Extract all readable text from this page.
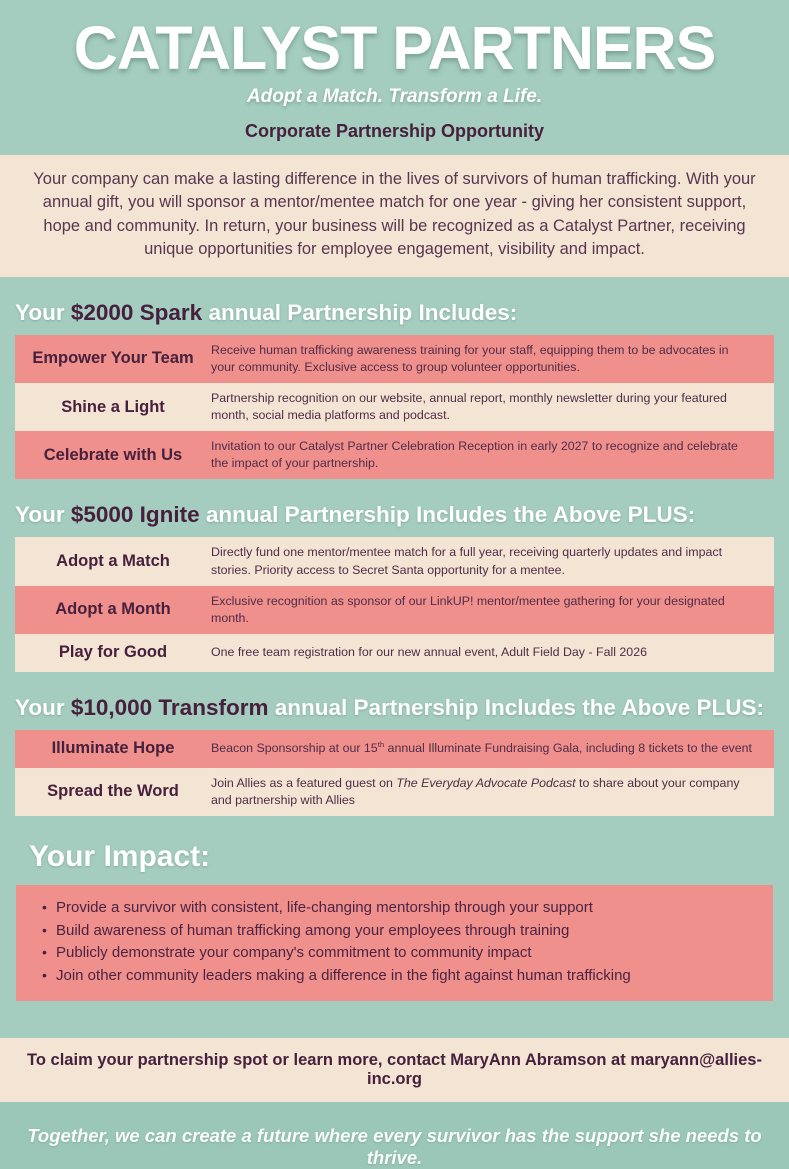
CATALYST PARTNERS
Adopt a Match. Transform a Life.
Corporate Partnership Opportunity

Your company can make a lasting difference in the lives of survivors of human trafficking. With your annual gift, you will sponsor a mentor/mentee match for one year - giving her consistent support, hope and community. In return, your business will be recognized as a Catalyst Partner, receiving unique opportunities for employee engagement, visibility and impact.

Your $2000 Spark annual Partnership Includes:
Empower Your Team	Receive human trafficking awareness training for your staff, equipping them to be advocates in your community. Exclusive access to group volunteer opportunities.
Shine a Light	Partnership recognition on our website, annual report, monthly newsletter during your featured month, social media platforms and podcast.
Celebrate with Us	Invitation to our Catalyst Partner Celebration Reception in early 2027 to recognize and celebrate the impact of your partnership.
Your $5000 Ignite annual Partnership Includes the Above PLUS:
Adopt a Match	Directly fund one mentor/mentee match for a full year, receiving quarterly updates and impact stories. Priority access to Secret Santa opportunity for a mentee.
Adopt a Month	Exclusive recognition as sponsor of our LinkUP! mentor/mentee gathering for your designated month.
Play for Good	One free team registration for our new annual event, Adult Field Day - Fall 2026
Your $10,000 Transform annual Partnership Includes the Above PLUS:
Illuminate Hope	Beacon Sponsorship at our 15th annual Illuminate Fundraising Gala, including 8 tickets to the event
Spread the Word	Join Allies as a featured guest on The Everyday Advocate Podcast to share about your company and partnership with Allies
Your Impact:
• Provide a survivor with consistent, life-changing mentorship through your support
• Build awareness of human trafficking among your employees through training
• Publicly demonstrate your company's commitment to community impact
• Join other community leaders making a difference in the fight against human trafficking

To claim your partnership spot or learn more, contact MaryAnn Abramson at maryann@allies-inc.org

Together, we can create a future where every survivor has the support she needs to thrive.
